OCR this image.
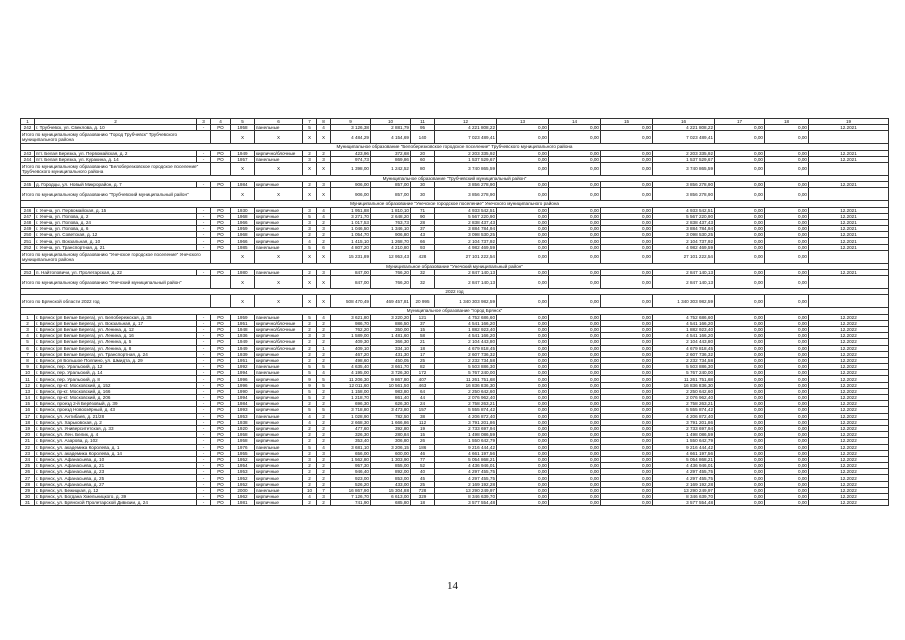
1	2	3	4	5	6	7	8	9	10	11	12	13	14	15	16	17	18	19
242	г. Трубчевск, ул. Свеклова, д. 10	-	РО	1958	панельные	5	4	3 126,38	2 881,79	95	4 221 808,22	0,00	0,00	0,00	4 221 808,22	0,00	0,00	12.2021
Итого по муниципальному образованию "Город Трубчевск" Трубчевского муниципального района				X	X	X	X	4 484,29	4 154,69	140	7 023 489,41	0,00	0,00	0,00	7 023 489,41	0,00	0,00	
Муниципальное образование "Белоберезковское городское поселение" Трубчевского муниципального района																		
243	пгт. Белая Березка, ул. Первомайская, д. 2	-	РО	1949	кирпично/блочные	2	2	423,96	372,68	20	2 203 335,92	0,00	0,00	0,00	2 203 335,92	0,00	0,00	12.2021
244	пгт. Белая Березка, ул. Куракина, д. 14	-	РО	1957	панельные	3	3	974,73	869,86	60	1 537 529,67	0,00	0,00	0,00	1 537 529,67	0,00	0,00	12.2021
Итого по муниципальному образованию "Белоберезковское городское поселение" Трубчевского муниципального района				X	X	X	X	1 398,00	1 242,52	80	3 740 865,59	0,00	0,00	0,00	3 740 865,59	0,00	0,00	
Муниципальное образование "Трубчевский муниципальный район"																		
245	д. Городцы, ул. Новый Микрорайон, д. 7	-	РО	1984	кирпичные	2	3	906,00	857,00	30	3 856 278,90	0,00	0,00	0,00	3 856 278,90	0,00	0,00	12.2021
Итого по муниципальному образованию "Трубчевский муниципальный район"				X	X	X	X	906,00	857,00	30	3 856 278,90	0,00	0,00	0,00	3 856 278,90	0,00	0,00	
Муниципальное образование "Унечское городское поселение" Унечского муниципального района																		
246	г. Унеча, ул. Первомайская, д. 15	-	РО	1930	кирпичные	3	4	1 951,88	1 810,10	71	4 933 542,51	0,00	0,00	0,00	4 933 542,51	0,00	0,00	12.2021
247	г. Унеча, ул. Попова, д. 2	-	РО	1968	кирпичные	5	4	3 271,70	2 648,20	90	5 567 220,90	0,00	0,00	0,00	5 567 220,90	0,00	0,00	12.2021
248	г. Унеча, ул. Попова, д. 24	-	РО	1966	кирпичные	3	2	1 017,53	763,73	28	2 838 437,43	0,00	0,00	0,00	2 838 437,43	0,00	0,00	12.2021
249	г. Унеча, ул. Попова, д. 6	-	РО	1959	кирпичные	3	3	1 046,50	1 346,10	37	3 884 784,94	0,00	0,00	0,00	3 884 784,94	0,00	0,00	12.2021
250	г. Унеча, ул. Советская, д. 12	-	РО	1968	кирпичные	2	2	1 054,70	906,80	43	3 098 530,25	0,00	0,00	0,00	3 098 530,25	0,00	0,00	12.2021
251	г. Унеча, ул. Вокзальная, д. 10	-	РО	1966	кирпичные	4	2	1 415,10	1 268,70	66	2 104 737,92	0,00	0,00	0,00	2 104 737,92	0,00	0,00	12.2021
252	г. Унеча, ул. Транспортная, д. 21	-	РО	1985	панельные	5	6	4 807,20	4 210,80	93	4 982 469,59	0,00	0,00	0,00	4 982 469,59	0,00	0,00	12.2021
Итого по муниципальному образованию "Унечское городское поселение" Унечского муниципального района				X	X	X	X	15 231,89	12 953,43	428	27 101 222,54	0,00	0,00	0,00	27 101 222,54	0,00	0,00	
Муниципальное образование "Унечский муниципальный район"																		
253	п. Найтоповичи, ул. Пролетарская, д. 22	-	РО	1980	панельные	2	3	847,00	766,20	32	2 847 140,13	0,00	0,00	0,00	2 847 140,13	0,00	0,00	12.2021
Итого по муниципальному образованию "Унечский муниципальный район"				X	X	X	X	847,00	766,20	32	2 847 140,13	0,00	0,00	0,00	2 847 140,13	0,00	0,00	
2022 год																		
Итого по Брянской области 2022 год				X	X	X	X	508 470,49	469 457,81	20 995	1 340 303 982,59	0,00	0,00	0,00	1 340 303 982,59	0,00	0,00	
Муниципальное образование "город Брянск"																		
1	г. Брянск (рп Белые Берега), ул. Белобережская, д. 35	-	РО	1959	панельные	5	4	3 621,80	3 220,20	121	4 752 686,60	0,00	0,00	0,00	4 752 686,60	0,00	0,00	12.2022
2	г. Брянск (рп Белые Берега), ул. Вокзальная, д. 17	-	РО	1951	кирпично/блочные	2	2	986,70	886,50	37	4 541 166,20	0,00	0,00	0,00	4 541 166,20	0,00	0,00	12.2022
3	г. Брянск (рп Белые Берега), ул. Ленина, д. 12	-	РО	1948	кирпично/блочные	2	2	762,20	350,00	15	1 882 923,40	0,00	0,00	0,00	1 882 923,40	0,00	0,00	12.2022
4	г. Брянск (рп Белые Берега), ул. Ленина, д. 16	-	РО	1936	кирпичные	3	3	1 589,00	1 481,60	58	4 541 166,20	0,00	0,00	0,00	4 541 166,20	0,00	0,00	12.2022
5	г. Брянск (рп Белые Берега), ул. Ленина, д. 5	-	РО	1949	кирпично/блочные	2	2	409,30	366,30	21	2 104 443,80	0,00	0,00	0,00	2 104 443,80	0,00	0,00	12.2022
6	г. Брянск (рп Белые Берега), ул. Ленина, д. 8	-	РО	1949	кирпично/блочные	2	1	409,10	334,10	18	4 679 818,45	0,00	0,00	0,00	4 679 818,45	0,00	0,00	12.2022
7	г. Брянск (рп Белые Берега), ул. Транспортная, д. 24	-	РО	1939	кирпичные	2	2	467,20	431,30	17	2 607 736,32	0,00	0,00	0,00	2 607 736,32	0,00	0,00	12.2022
8	г. Брянск, рп Большое Полпино, ул. Шмидта, д. 29	-	РО	1951	кирпичные	2	2	498,60	450,05	25	2 232 734,58	0,00	0,00	0,00	2 232 734,58	0,00	0,00	12.2022
9	г. Брянск, пер. Уральский, д. 12	-	РО	1992	панельные	5	5	4 635,40	3 661,70	82	5 503 886,30	0,00	0,00	0,00	5 503 886,30	0,00	0,00	12.2022
10	г. Брянск, пер. Уральский, д. 14	-	РО	1994	панельные	5	4	4 195,00	3 726,30	172	5 767 240,00	0,00	0,00	0,00	5 767 240,00	0,00	0,00	12.2022
11	г. Брянск, пер. Уральский, д. 8	-	РО	1996	кирпичные	9	5	11 206,30	9 867,80	407	11 261 751,68	0,00	0,00	0,00	11 261 751,68	0,00	0,00	12.2022
12	г. Брянск, пр-кт. Московский, д. 152	-	РО	1996	кирпичные	9	5	12 011,60	10 561,50	463	16 836 836,30	0,00	0,00	0,00	16 836 836,30	0,00	0,00	12.2022
13	г. Брянск, пр-кт. Московский, д. 166	-	РО	1990	кирпичные	5	2	1 158,00	983,80	64	2 250 642,60	0,00	0,00	0,00	2 250 642,60	0,00	0,00	12.2022
14	г. Брянск, пр-кт. Московский, д. 206	-	РО	1994	кирпичные	5	2	1 218,70	861,40	44	2 076 962,40	0,00	0,00	0,00	2 076 962,40	0,00	0,00	12.2022
15	г. Брянск, проезд 2-й Берёзовый, д. 39	-	РО	1984	кирпичные	2	2	696,30	626,30	24	2 758 263,21	0,00	0,00	0,00	2 758 263,21	0,00	0,00	12.2022
16	г. Брянск, проезд Новоозёрный, д. 43	-	РО	1993	кирпичные	5	5	3 718,80	3 473,80	157	5 555 874,42	0,00	0,00	0,00	5 555 874,42	0,00	0,00	12.2022
17	г. Брянск, ул. Антибаев, д. 21/28	-	РО	1953	панельные	4	2	1 028,90	782,50	38	4 206 872,40	0,00	0,00	0,00	4 206 872,40	0,00	0,00	12.2022
18	г. Брянск, ул. Харьковская, д. 2	-	РО	1938	кирпичные	4	2	2 668,30	1 666,86	112	3 791 201,86	0,00	0,00	0,00	3 791 201,86	0,00	0,00	12.2022
19	г. Брянск, ул. Университетская, д. 33	-	РО	1920	кирпичные	2	2	477,60	392,80	19	2 733 697,94	0,00	0,00	0,00	2 733 697,94	0,00	0,00	12.2022
20	г. Брянск, ул. Лен. Белик, д. 4	-	РО	1958	кирпичные	2	2	326,30	280,84	15	1 498 086,59	0,00	0,00	0,00	1 498 086,59	0,00	0,00	12.2022
21	г. Брянск, ул. Азарова, д. 102	-	РО	1958	кирпичные	2	2	353,40	306,80	26	1 550 642,79	0,00	0,00	0,00	1 550 642,79	0,00	0,00	12.2022
22	г. Брянск, ул. академика Королева, д. 1	-	РО	1976	панельные	5	4	3 681,10	3 206,15	186	9 216 444,42	0,00	0,00	0,00	9 216 444,42	0,00	0,00	12.2022
23	г. Брянск, ул. академика Королева, д. 14	-	РО	1955	кирпичные	2	3	656,00	600,00	46	4 661 197,56	0,00	0,00	0,00	4 661 197,56	0,00	0,00	12.2022
24	г. Брянск, ул. Афанасьева, д. 10	-	РО	1952	кирпичные	3	2	1 562,80	1 303,90	77	5 054 868,21	0,00	0,00	0,00	5 054 868,21	0,00	0,00	12.2022
25	г. Брянск, ул. Афанасьева, д. 21	-	РО	1954	кирпичные	2	2	957,30	855,00	52	4 436 946,01	0,00	0,00	0,00	4 436 946,01	0,00	0,00	12.2022
26	г. Брянск, ул. Афанасьева, д. 23	-	РО	1953	кирпичные	2	2	946,40	892,00	40	4 297 455,75	0,00	0,00	0,00	4 297 455,75	0,00	0,00	12.2022
27	г. Брянск, ул. Афанасьева, д. 25	-	РО	1952	кирпичные	2	2	923,00	853,00	45	4 297 455,75	0,00	0,00	0,00	4 297 455,75	0,00	0,00	12.2022
28	г. Брянск, ул. Афанасьева, д. 27	-	РО	1952	кирпичные	2	2	526,20	433,00	25	2 169 192,28	0,00	0,00	0,00	2 169 192,28	0,00	0,00	12.2022
29	г. Брянск, ул. Бежицкая, д. 12	-	РО	2000	панельные	10	7	16 867,90	15 304,88	728	13 290 249,97	0,00	0,00	0,00	13 290 249,97	0,00	0,00	12.2022
30	г. Брянск, ул. Богдана Хмельницкого, д. 39	-	РО	1962	кирпичные	4	3	7 126,70	6 613,00	329	8 346 639,70	0,00	0,00	0,00	8 346 639,70	0,00	0,00	12.2022
31	г. Брянск, ул. Брянской Пролетарской Дивизии, д. 24	-	РО	1981	кирпичные	2	2	741,90	685,80	18	3 577 554,48	0,00	0,00	0,00	3 577 554,48	0,00	0,00	12.2022
14
